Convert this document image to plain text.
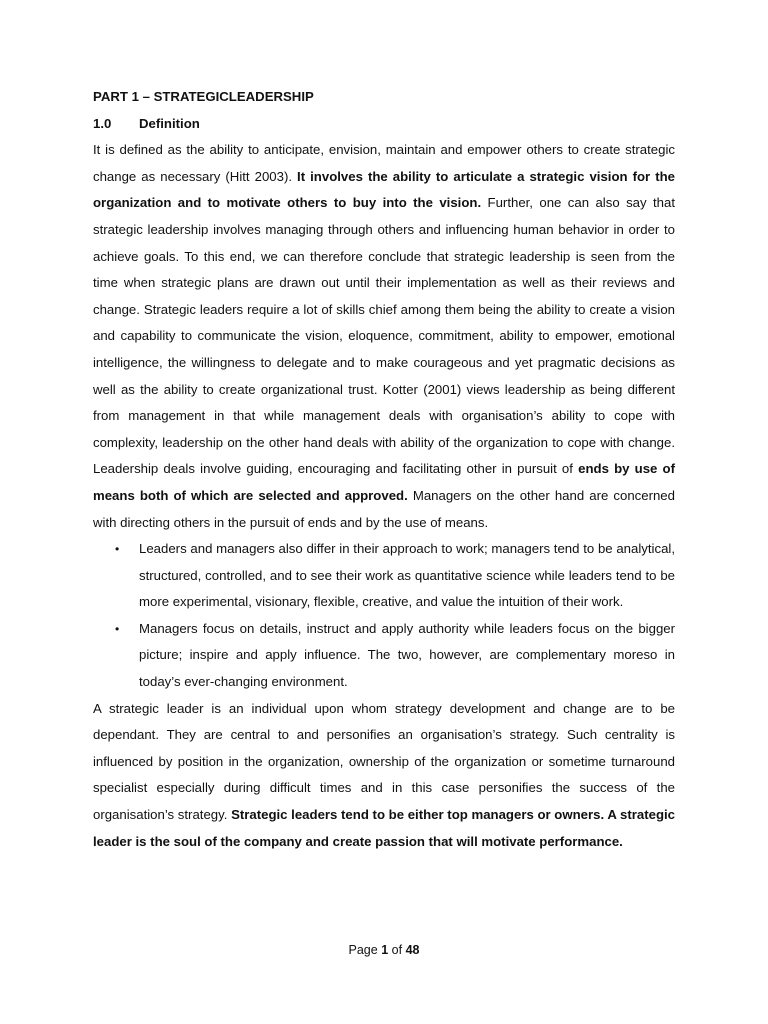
PART 1 – STRATEGICLEADERSHIP
1.0 Definition

It is defined as the ability to anticipate, envision, maintain and empower others to create strategic change as necessary (Hitt 2003). It involves the ability to articulate a strategic vision for the organization and to motivate others to buy into the vision. Further, one can also say that strategic leadership involves managing through others and influencing human behavior in order to achieve goals. To this end, we can therefore conclude that strategic leadership is seen from the time when strategic plans are drawn out until their implementation as well as their reviews and change. Strategic leaders require a lot of skills chief among them being the ability to create a vision and capability to communicate the vision, eloquence, commitment, ability to empower, emotional intelligence, the willingness to delegate and to make courageous and yet pragmatic decisions as well as the ability to create organizational trust. Kotter (2001) views leadership as being different from management in that while management deals with organisation’s ability to cope with complexity, leadership on the other hand deals with ability of the organization to cope with change. Leadership deals involve guiding, encouraging and facilitating other in pursuit of ends by use of means both of which are selected and approved. Managers on the other hand are concerned with directing others in the pursuit of ends and by the use of means.

• Leaders and managers also differ in their approach to work; managers tend to be analytical, structured, controlled, and to see their work as quantitative science while leaders tend to be more experimental, visionary, flexible, creative, and value the intuition of their work.
• Managers focus on details, instruct and apply authority while leaders focus on the bigger picture; inspire and apply influence. The two, however, are complementary moreso in today’s ever-changing environment.

A strategic leader is an individual upon whom strategy development and change are to be dependant. They are central to and personifies an organisation’s strategy. Such centrality is influenced by position in the organization, ownership of the organization or sometime turnaround specialist especially during difficult times and in this case personifies the success of the organisation’s strategy. Strategic leaders tend to be either top managers or owners. A strategic leader is the soul of the company and create passion that will motivate performance.

Page 1 of 48
